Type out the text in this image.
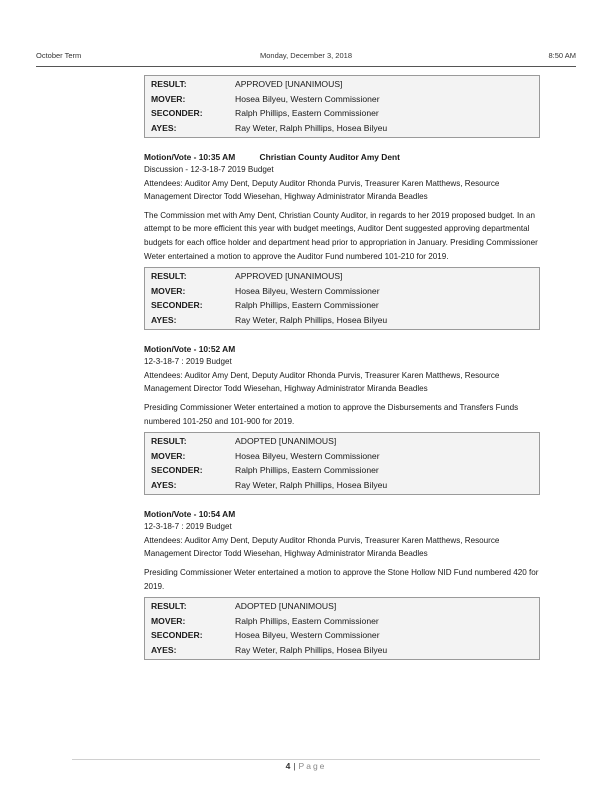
October Term	Monday, December 3, 2018	8:50 AM
RESULT:	APPROVED [UNANIMOUS]
MOVER:	Hosea Bilyeu, Western Commissioner
SECONDER:	Ralph Phillips, Eastern Commissioner
AYES:	Ray Weter, Ralph Phillips, Hosea Bilyeu
Motion/Vote - 10:35 AM	Christian County Auditor Amy Dent
Discussion - 12-3-18-7 2019 Budget
Attendees: Auditor Amy Dent, Deputy Auditor Rhonda Purvis, Treasurer Karen Matthews, Resource Management Director Todd Wiesehan, Highway Administrator Miranda Beadles
The Commission met with Amy Dent, Christian County Auditor, in regards to her 2019 proposed budget. In an attempt to be more efficient this year with budget meetings, Auditor Dent suggested approving departmental budgets for each office holder and department head prior to appropriation in January. Presiding Commissioner Weter entertained a motion to approve the Auditor Fund numbered 101-210 for 2019.
RESULT:	APPROVED [UNANIMOUS]
MOVER:	Hosea Bilyeu, Western Commissioner
SECONDER:	Ralph Phillips, Eastern Commissioner
AYES:	Ray Weter, Ralph Phillips, Hosea Bilyeu
Motion/Vote - 10:52 AM
12-3-18-7 : 2019 Budget
Attendees: Auditor Amy Dent, Deputy Auditor Rhonda Purvis, Treasurer Karen Matthews, Resource Management Director Todd Wiesehan, Highway Administrator Miranda Beadles
Presiding Commissioner Weter entertained a motion to approve the Disbursements and Transfers Funds numbered 101-250 and 101-900 for 2019.
RESULT:	ADOPTED [UNANIMOUS]
MOVER:	Hosea Bilyeu, Western Commissioner
SECONDER:	Ralph Phillips, Eastern Commissioner
AYES:	Ray Weter, Ralph Phillips, Hosea Bilyeu
Motion/Vote - 10:54 AM
12-3-18-7 : 2019 Budget
Attendees: Auditor Amy Dent, Deputy Auditor Rhonda Purvis, Treasurer Karen Matthews, Resource Management Director Todd Wiesehan, Highway Administrator Miranda Beadles
Presiding Commissioner Weter entertained a motion to approve the Stone Hollow NID Fund numbered 420 for 2019.
RESULT:	ADOPTED [UNANIMOUS]
MOVER:	Ralph Phillips, Eastern Commissioner
SECONDER:	Hosea Bilyeu, Western Commissioner
AYES:	Ray Weter, Ralph Phillips, Hosea Bilyeu
4 | Page
